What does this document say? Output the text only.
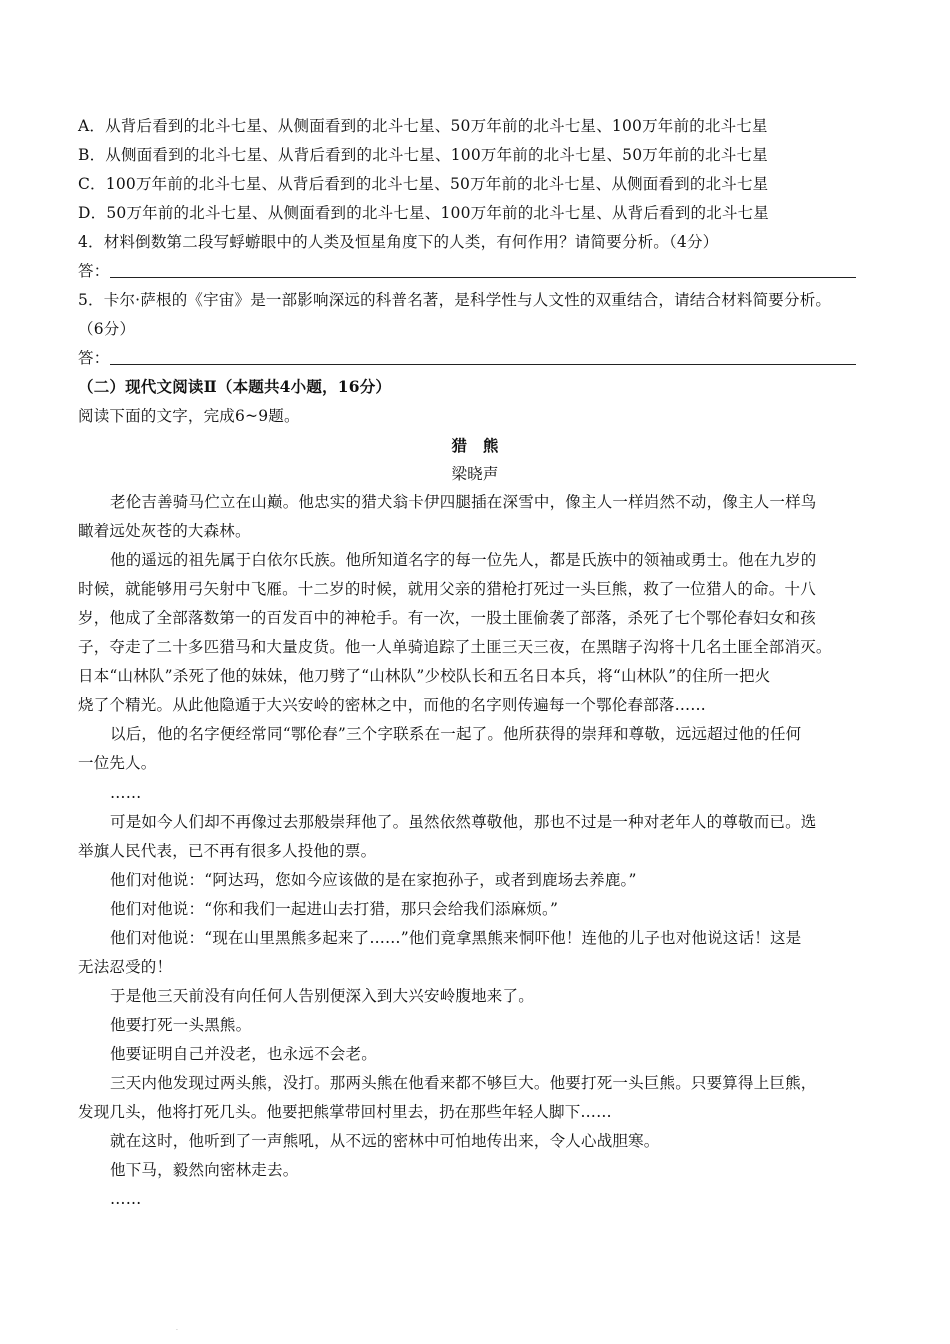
A．从背后看到的北斗七星、从侧面看到的北斗七星、50万年前的北斗七星、100万年前的北斗七星
B．从侧面看到的北斗七星、从背后看到的北斗七星、100万年前的北斗七星、50万年前的北斗七星
C．100万年前的北斗七星、从背后看到的北斗七星、50万年前的北斗七星、从侧面看到的北斗七星
D．50万年前的北斗七星、从侧面看到的北斗七星、100万年前的北斗七星、从背后看到的北斗七星
4．材料倒数第二段写蜉蝣眼中的人类及恒星角度下的人类，有何作用？请简要分析。（4分）
答：
5．卡尔·萨根的《宇宙》是一部影响深远的科普名著，是科学性与人文性的双重结合，请结合材料简要分析。
（6分）
答：
（二）现代文阅读Ⅱ（本题共4小题，16分）
阅读下面的文字，完成6~9题。
猎　熊
梁晓声
老伦吉善骑马伫立在山巅。他忠实的猎犬翁卡伊四腿插在深雪中，像主人一样岿然不动，像主人一样鸟
瞰着远处灰苍的大森林。
他的遥远的祖先属于白依尔氏族。他所知道名字的每一位先人，都是氏族中的领袖或勇士。他在九岁的
时候，就能够用弓矢射中飞雁。十二岁的时候，就用父亲的猎枪打死过一头巨熊，救了一位猎人的命。十八
岁，他成了全部落数第一的百发百中的神枪手。有一次，一股土匪偷袭了部落，杀死了七个鄂伦春妇女和孩
子，夺走了二十多匹猎马和大量皮货。他一人单骑追踪了土匪三天三夜，在黑瞎子沟将十几名土匪全部消灭。
日本“山林队”杀死了他的妹妹，他刀劈了“山林队”少校队长和五名日本兵，将“山林队”的住所一把火
烧了个精光。从此他隐遁于大兴安岭的密林之中，而他的名字则传遍每一个鄂伦春部落……
以后，他的名字便经常同“鄂伦春”三个字联系在一起了。他所获得的崇拜和尊敬，远远超过他的任何
一位先人。
……
可是如今人们却不再像过去那般崇拜他了。虽然依然尊敬他，那也不过是一种对老年人的尊敬而已。选
举旗人民代表，已不再有很多人投他的票。
他们对他说：“阿达玛，您如今应该做的是在家抱孙子，或者到鹿场去养鹿。”
他们对他说：“你和我们一起进山去打猎，那只会给我们添麻烦。”
他们对他说：“现在山里黑熊多起来了……”他们竟拿黑熊来恫吓他！连他的儿子也对他说这话！这是
无法忍受的！
于是他三天前没有向任何人告别便深入到大兴安岭腹地来了。
他要打死一头黑熊。
他要证明自己并没老，也永远不会老。
三天内他发现过两头熊，没打。那两头熊在他看来都不够巨大。他要打死一头巨熊。只要算得上巨熊，
发现几头，他将打死几头。他要把熊掌带回村里去，扔在那些年轻人脚下……
就在这时，他听到了一声熊吼，从不远的密林中可怕地传出来，令人心战胆寒。
他下马，毅然向密林走去。
……
.
